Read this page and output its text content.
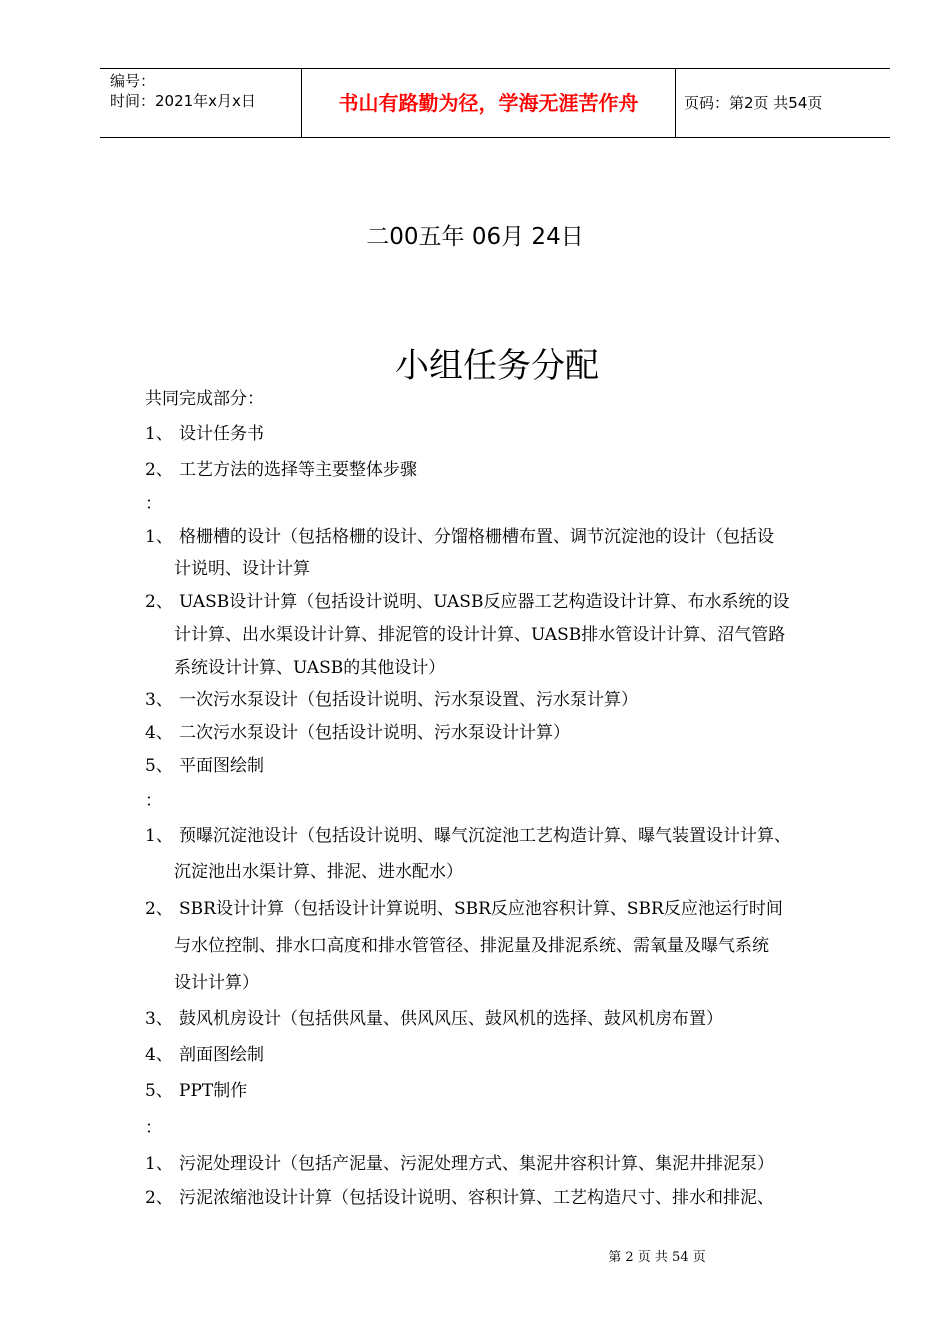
编号：
时间：2021年x月x日	书山有路勤为径，学海无涯苦作舟	页码：第2页 共54页
二00五年 06月 24日
小组任务分配
共同完成部分：
1、 设计任务书
2、 工艺方法的选择等主要整体步骤
：
1、 格栅槽的设计（包括格栅的设计、分馏格栅槽布置、调节沉淀池的设计（包括设
计说明、设计计算
2、 UASB设计计算（包括设计说明、UASB反应器工艺构造设计计算、布水系统的设
计计算、出水渠设计计算、排泥管的设计计算、UASB排水管设计计算、沼气管路
系统设计计算、UASB的其他设计）
3、 一次污水泵设计（包括设计说明、污水泵设置、污水泵计算）
4、 二次污水泵设计（包括设计说明、污水泵设计计算）
5、 平面图绘制
：
1、 预曝沉淀池设计（包括设计说明、曝气沉淀池工艺构造计算、曝气装置设计计算、
沉淀池出水渠计算、排泥、进水配水）
2、 SBR设计计算（包括设计计算说明、SBR反应池容积计算、SBR反应池运行时间
与水位控制、排水口高度和排水管管径、排泥量及排泥系统、需氧量及曝气系统
设计计算）
3、 鼓风机房设计（包括供风量、供风风压、鼓风机的选择、鼓风机房布置）
4、 剖面图绘制
5、 PPT制作
：
1、 污泥处理设计（包括产泥量、污泥处理方式、集泥井容积计算、集泥井排泥泵）
2、 污泥浓缩池设计计算（包括设计说明、容积计算、工艺构造尺寸、排水和排泥、
第 2 页 共 54 页
